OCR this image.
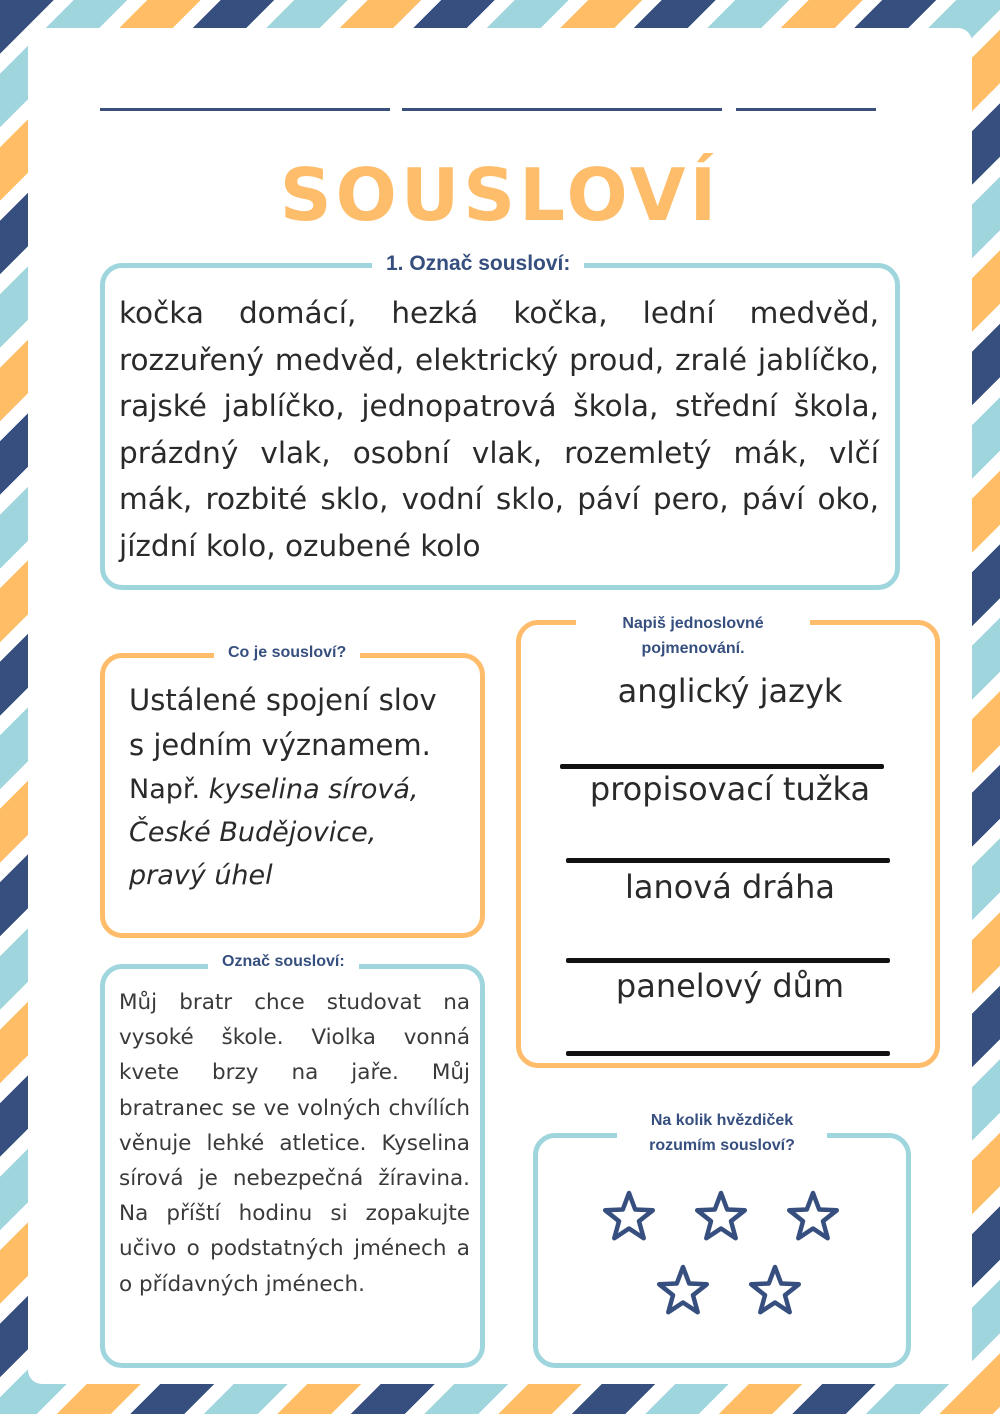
SOUSLOVÍ
kočka domácí, hezká kočka, lední medvěd, rozzuřený medvěd, elektrický proud, zralé jablíčko, rajské jablíčko, jednopatrová škola, střední škola, prázdný vlak, osobní vlak, rozemletý mák, vlčí mák, rozbité sklo, vodní sklo, páví pero, páví oko, jízdní kolo, ozubené kolo
1. Označ sousloví:
Ustálené spojení slov s jedním významem.
Např. kyselina sírová, České Budějovice, pravý úhel
Co je sousloví?
Můj bratr chce studovat na vysoké škole. Violka vonná kvete brzy na jaře. Můj bratranec se ve volných chvílích věnuje lehké atletice. Kyselina sírová je nebezpečná žíravina. Na příští hodinu si zopakujte učivo o podstatných jménech a o přídavných jménech.
Označ sousloví:
Napiš jednoslovné
pojmenování.
anglický jazyk
propisovací tužka
lanová dráha
panelový dům
Na kolik hvězdiček
rozumím sousloví?
